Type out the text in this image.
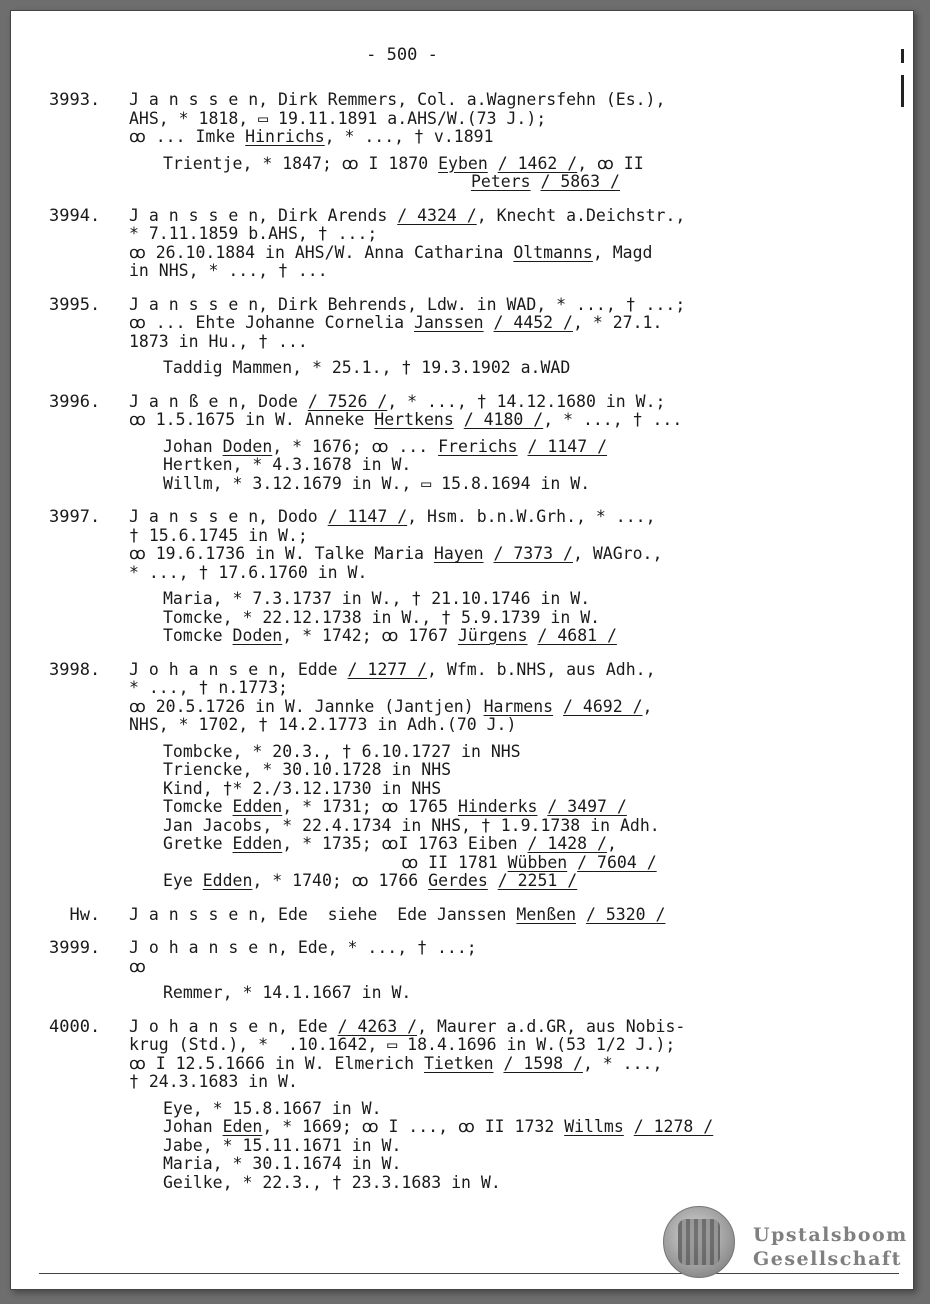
- 500 -
3993.	J a n s s e n, Dirk Remmers, Col. a.Wagnersfehn (Es.),
AHS, * 1818, ▭ 19.11.1891 a.AHS/W.(73 J.);
ꝏ ... Imke Hinrichs, * ..., † v.1891
Trientje, * 1847; ꝏ I 1870 Eyben / 1462 /, ꝏ II
Peters / 5863 /
3994.	J a n s s e n, Dirk Arends / 4324 /, Knecht a.Deichstr.,
* 7.11.1859 b.AHS, † ...;
ꝏ 26.10.1884 in AHS/W. Anna Catharina Oltmanns, Magd
in NHS, * ..., † ...
3995.	J a n s s e n, Dirk Behrends, Ldw. in WAD, * ..., † ...;
ꝏ ... Ehte Johanne Cornelia Janssen / 4452 /, * 27.1.
1873 in Hu., † ...
Taddig Mammen, * 25.1., † 19.3.1902 a.WAD
3996.	J a n ß e n, Dode / 7526 /, * ..., † 14.12.1680 in W.;
ꝏ 1.5.1675 in W. Anneke Hertkens / 4180 /, * ..., † ...
Johan Doden, * 1676; ꝏ ... Frerichs / 1147 /
Hertken, * 4.3.1678 in W.
Willm, * 3.12.1679 in W., ▭ 15.8.1694 in W.
3997.	J a n s s e n, Dodo / 1147 /, Hsm. b.n.W.Grh., * ...,
† 15.6.1745 in W.;
ꝏ 19.6.1736 in W. Talke Maria Hayen / 7373 /, WAGro.,
* ..., † 17.6.1760 in W.
Maria, * 7.3.1737 in W., † 21.10.1746 in W.
Tomcke, * 22.12.1738 in W., † 5.9.1739 in W.
Tomcke Doden, * 1742; ꝏ 1767 Jürgens / 4681 /
3998.	J o h a n s e n, Edde / 1277 /, Wfm. b.NHS, aus Adh.,
* ..., † n.1773;
ꝏ 20.5.1726 in W. Jannke (Jantjen) Harmens / 4692 /,
NHS, * 1702, † 14.2.1773 in Adh.(70 J.)
Tombcke, * 20.3., † 6.10.1727 in NHS
Triencke, * 30.10.1728 in NHS
Kind, †* 2./3.12.1730 in NHS
Tomcke Edden, * 1731; ꝏ 1765 Hinderks / 3497 /
Jan Jacobs, * 22.4.1734 in NHS, † 1.9.1738 in Adh.
Gretke Edden, * 1735; ꝏI 1763 Eiben / 1428 /,
ꝏ II 1781 Wübben / 7604 /
Eye Edden, * 1740; ꝏ 1766 Gerdes / 2251 /
Hw.	J a n s s e n, Ede  siehe  Ede Janssen Menßen / 5320 /
3999.	J o h a n s e n, Ede, * ..., † ...;
ꝏ
Remmer, * 14.1.1667 in W.
4000.	J o h a n s e n, Ede / 4263 /, Maurer a.d.GR, aus Nobis-
krug (Std.), *  .10.1642, ▭ 18.4.1696 in W.(53 1/2 J.);
ꝏ I 12.5.1666 in W. Elmerich Tietken / 1598 /, * ...,
† 24.3.1683 in W.
Eye, * 15.8.1667 in W.
Johan Eden, * 1669; ꝏ I ..., ꝏ II 1732 Willms / 1278 /
Jabe, * 15.11.1671 in W.
Maria, * 30.1.1674 in W.
Geilke, * 22.3., † 23.3.1683 in W.
Upstalsboom
Gesellschaft
